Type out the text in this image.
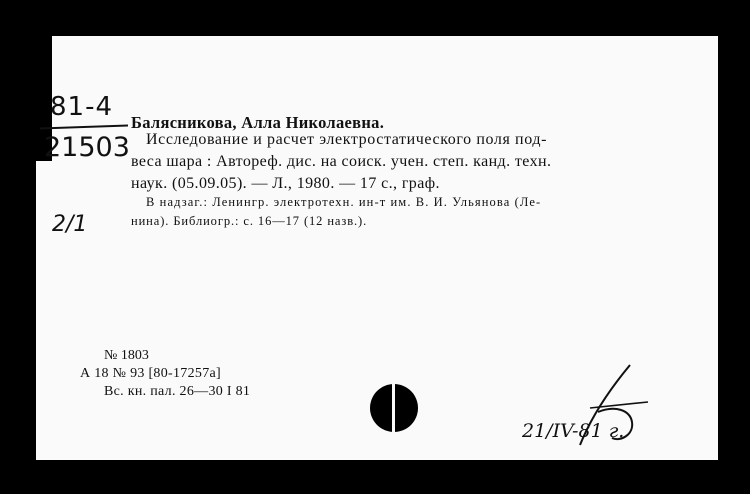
81-4
21503
2/1
Балясникова, Алла Николаевна.
Исследование и расчет электростатического поля под-
веса шара : Автореф. дис. на соиск. учен. степ. канд. техн.
наук. (05.09.05). — Л., 1980. — 17 с., граф.
В надзаг.: Ленингр. электротехн. ин-т им. В. И. Ульянова (Ле-
нина). Библиогр.: с. 16—17 (12 назв.).
№ 1803
А 18 № 93 [80-17257а]
Вс. кн. пал. 26—30 I 81
21/IV-81 г.
